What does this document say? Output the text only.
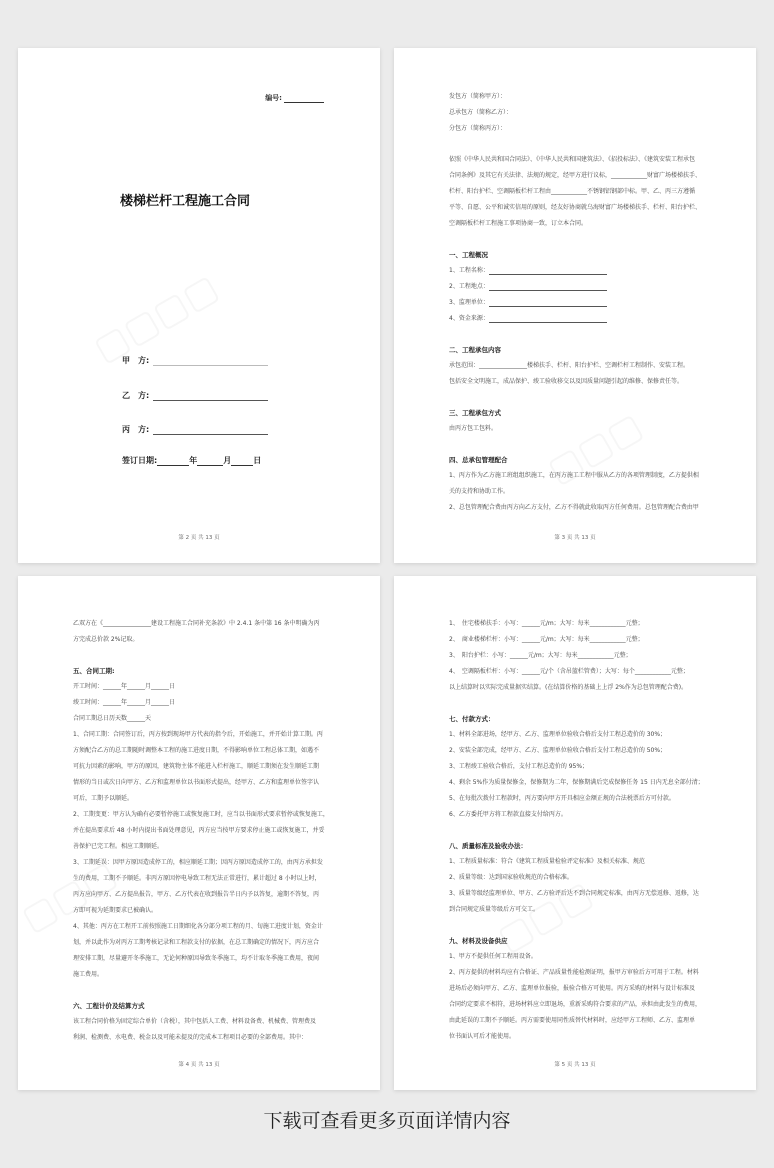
编号:
楼梯栏杆工程施工合同
甲　方:
乙　方:
丙　方:
签订日期:	年	月	日
第 2 页 共 13 页
发包方（简称甲方）：
总承包方（简称乙方）：
分包方（简称丙方）：
依照《中华人民共和国合同法》、《中华人民共和国建筑法》、《招投标法》、《建筑安装工程承包
合同条例》及其它有关法律、法规的规定，经甲方进行议标，____________财富广场楼梯扶手、
栏杆、阳台护栏、空调隔板栏杆工程由____________不锈钢铝钢部中标。甲、乙、丙三方遵循
平等、自愿、公平和诚实信用的原则，经友好协商就乌海财富广场楼梯扶手、栏杆、阳台护栏、
空调隔板栏杆工程施工事项协商一致，订立本合同。
一、工程概况
1、工程名称：
2、工程地点：
3、监理单位：
4、资金来源：
二、工程承包内容
承包范围：________________楼梯扶手、栏杆、阳台护栏、空调栏杆工程制作、安装工程。
包括安全文明施工，成品保护、竣工验收移交以及因质量问题引起的维修、保修责任等。
三、工程承包方式
由丙方包工包料。
四、总承包管理配合
1、丙方作为乙方施工班组组织施工，在丙方施工工程中服从乙方的各项管理制度，乙方提供相
关的支持和协助工作。
2、总包管理配合费由丙方向乙方支付，乙方不得就此收取丙方任何费用。总包管理配合费由甲
第 3 页 共 13 页
乙双方在《________________建设工程施工合同补充条款》中 2.4.1 条中第 16 条中明确为丙
方完成总价款 2%记取。
五、合同工期:
开工时间：______年______月______日
竣工时间：______年______月______日
合同工期总日历天数______天
1、合同工期：合同签订后，丙方按到现场甲方代表的指令后，开始施工，并开始计算工期。丙
方须配合乙方的总工期随时调整本工程的施工进度日期，不得影响单位工程总体工期，如遇不
可抗力因素的影响，甲方的原因，建筑物主体不能进入栏杆施工，顺延工期须在发生顺延工期
情形的当日或次日向甲方、乙方和监理单位以书面形式提出，经甲方、乙方和监理单位签字认
可后，工期予以顺延。
2、工期变更：甲方认为确有必要暂停施工或恢复施工时，应当以书面形式要求暂停或恢复施工，
并在提出要求后 48 小时内提出书面处理意见，丙方应当按甲方要求停止施工或恢复施工，并妥
善保护已完工程。相应工期顺延。
3、工期延误：因甲方原因造成停工的，相应顺延工期；因丙方原因造成停工的，由丙方承担发
生的费用，工期不予顺延。非丙方原因停电导致工程无法正常进行，累计超过 8 小时以上时，
丙方应向甲方、乙方提出报告，甲方、乙方代表在收到报告半日内予以答复，逾期不答复，丙
方即可视为延期要求已被确认。
4、其他：丙方在工程开工前按照施工日期细化各分部分项工程的月、旬施工进度计划，资金计
划，并以此作为对丙方工期考核记录和工程款支付的依据，在总工期确定的情况下，丙方应合
理安排工期，尽量避开冬季施工，无论何种原因导致冬季施工，均不计取冬季施工费用，夜间
施工费用。
六、工程计价及结算方式
该工程合同价格为固定综合单价（含税），其中包括人工费、材料设备费、机械费、管理费及
利润、检测费、水电费、税金以及可能未提及的完成本工程项目必要的全部费用。其中：
第 4 页 共 13 页
1、　住宅楼梯扶手：小写：______元/m；大写：每米____________元整；
2、　商业楼梯栏杆：小写：______元/m；大写：每米____________元整；
3、　阳台护栏：小写：______元/m；大写：每米____________元整；
4、　空调隔板栏杆：小写：______元/个（含吊篮栏管费）；大写：每个____________元整；
以上结算时以实际完成量据实结算。(在结算价格的基础上上浮 2%作为总包管理配合费)。
七、付款方式：
1、材料全部进场，经甲方、乙方、监理单位验收合格后支付工程总造价的 30%；
2、安装全部完成，经甲方、乙方、监理单位验收合格后支付工程总造价的 50%；
3、工程竣工验收合格后，支付工程总造价的 95%；
4、剩余 5%作为质量保修金，保修期为二年，保修期满后完成保修任务 15 日内无息全部付清；
5、在每批次拨付工程款时，丙方要向甲方开具相应金额正规的合法税票后方可付款。
6、乙方委托甲方将工程款直接支付给丙方。
八、质量标准及验收办法：
1、工程质量标准：符合《建筑工程质量检验评定标准》及相关标准、规范
2、质量等级：达到国家验收规范的合格标准。
3、质量等级经监理单位、甲方、乙方验评后达不到合同规定标准，由丙方无偿返修、返修，达
到合同规定质量等级后方可交工。
九、材料及设备供应
1、甲方不提供任何工程用设备。
2、丙方提供的材料均应有合格证、产品质量性能检测证明，报甲方审验后方可用于工程。材料
进场后必须向甲方、乙方、监理单位报验，报验合格方可使用。丙方采购的材料与设计标准及
合同约定要求不相符，进场材料应立即退场，重新采购符合要求的产品，承担由此发生的费用，
由此延误的工期不予顺延。丙方需要使用同性质替代材料时，应经甲方工程师、乙方、监理单
位书面认可后才能使用。
第 5 页 共 13 页
下载可查看更多页面详情内容
